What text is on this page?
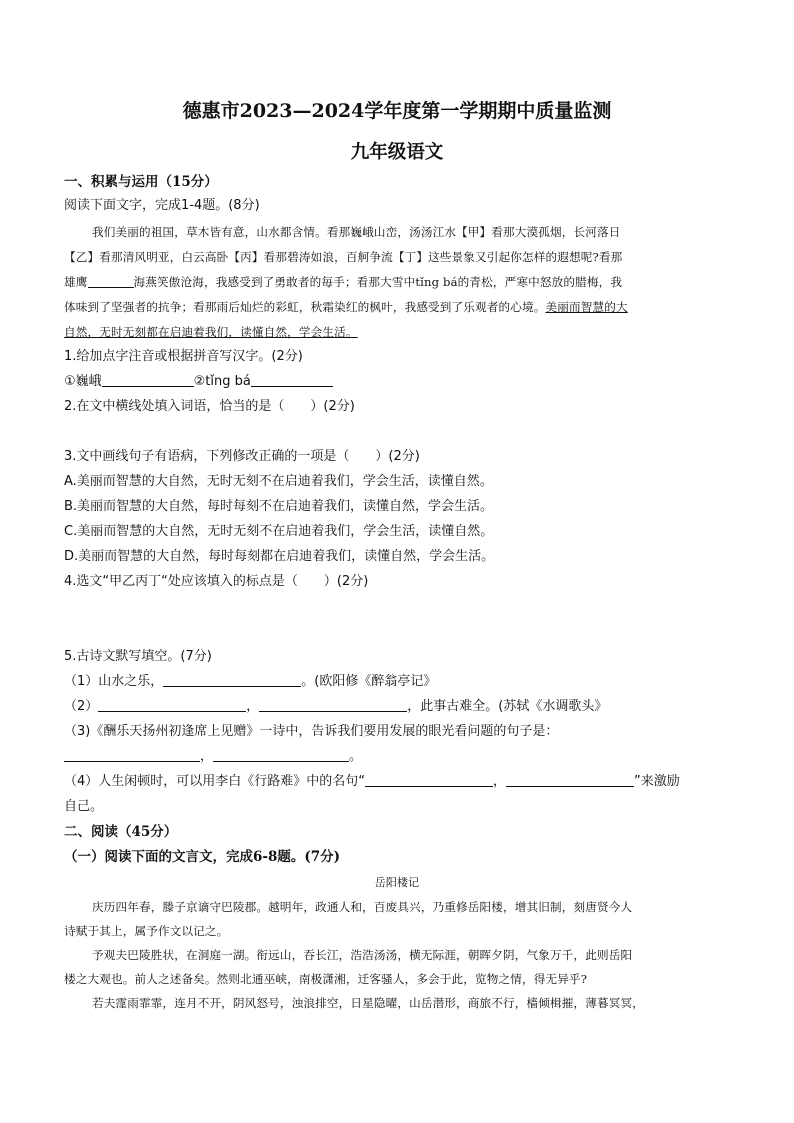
德惠市2023—2024学年度第一学期期中质量监测
九年级语文
一、积累与运用（15分）
阅读下面文字，完成1-4题。(8分)
我们美丽的祖国，草木皆有意，山水都含情。看那巍峨山峦，汤汤江水【甲】看那大漠孤烟，长河落日
【乙】看那清风明亚，白云高卧【丙】看那碧涛如浪，百舸争流【丁】这些景象又引起你怎样的遐想呢?看那
雄鹰	海燕笑傲沧海，我感受到了勇敢者的毎手；看那大雪中tǐng bá的青松，严寒中怒放的腊梅，我
体味到了坚强者的抗争；看那雨后灿烂的彩虹，秋霜染红的枫叶，我感受到了乐观者的心境。美丽而智慧的大
自然，无时无刻都在启迪着我们，读懂自然，学会生活。
1.给加点字注音或根据拼音写汉字。(2分)
①巍峨	②tǐng bá
2.在文中横线处填入词语，恰当的是（　　）(2分)
3.文中画线句子有语病，下列修改正确的一项是（　　）(2分)
A.美丽而智慧的大自然，无时无刻不在启迪着我们，学会生活，读懂自然。
B.美丽而智慧的大自然，每时每刻不在启迪着我们，读懂自然，学会生活。
C.美丽而智慧的大自然，无时无刻不在启迪着我们，学会生活，读懂自然。
D.美丽而智慧的大自然，每时每刻都在启迪着我们，读懂自然，学会生活。
4.选文“甲乙丙丁“处应该填入的标点是（　　）(2分)
5.古诗文默写填空。(7分)
（1）山水之乐，	。(欧阳修《醉翁亭记》
（2）	，	，此事古难全。(苏轼《水调歌头》
（3)《酬乐天扬州初逢席上见赠》一诗中，告诉我们要用发展的眼光看问题的句子是：
，	。
（4）人生闲顿时，可以用李白《行路难》中的名句“	，	”来激励
自己。
二、阅读（45分）
（一）阅读下面的文言文，完成6-8题。(7分)
岳阳楼记
庆历四年春，滕子京谪守巴陵郡。越明年，政通人和，百废具兴，乃重修岳阳楼，增其旧制，刻唐贤今人
诗赋于其上，属予作文以记之。
予观夫巴陵胜状，在洞庭一湖。衔远山，吞长江，浩浩汤汤，横无际涯，朝晖夕阴，气象万千，此则岳阳
楼之大观也。前人之述备矣。然则北通巫峡，南极潇湘，迁客骚人，多会于此，览物之情，得无异乎?
若夫霪雨霏霏，连月不开，阴风怒号，浊浪排空，日星隐曜，山岳潜形，商旅不行，樯倾楫摧，薄暮冥冥，
